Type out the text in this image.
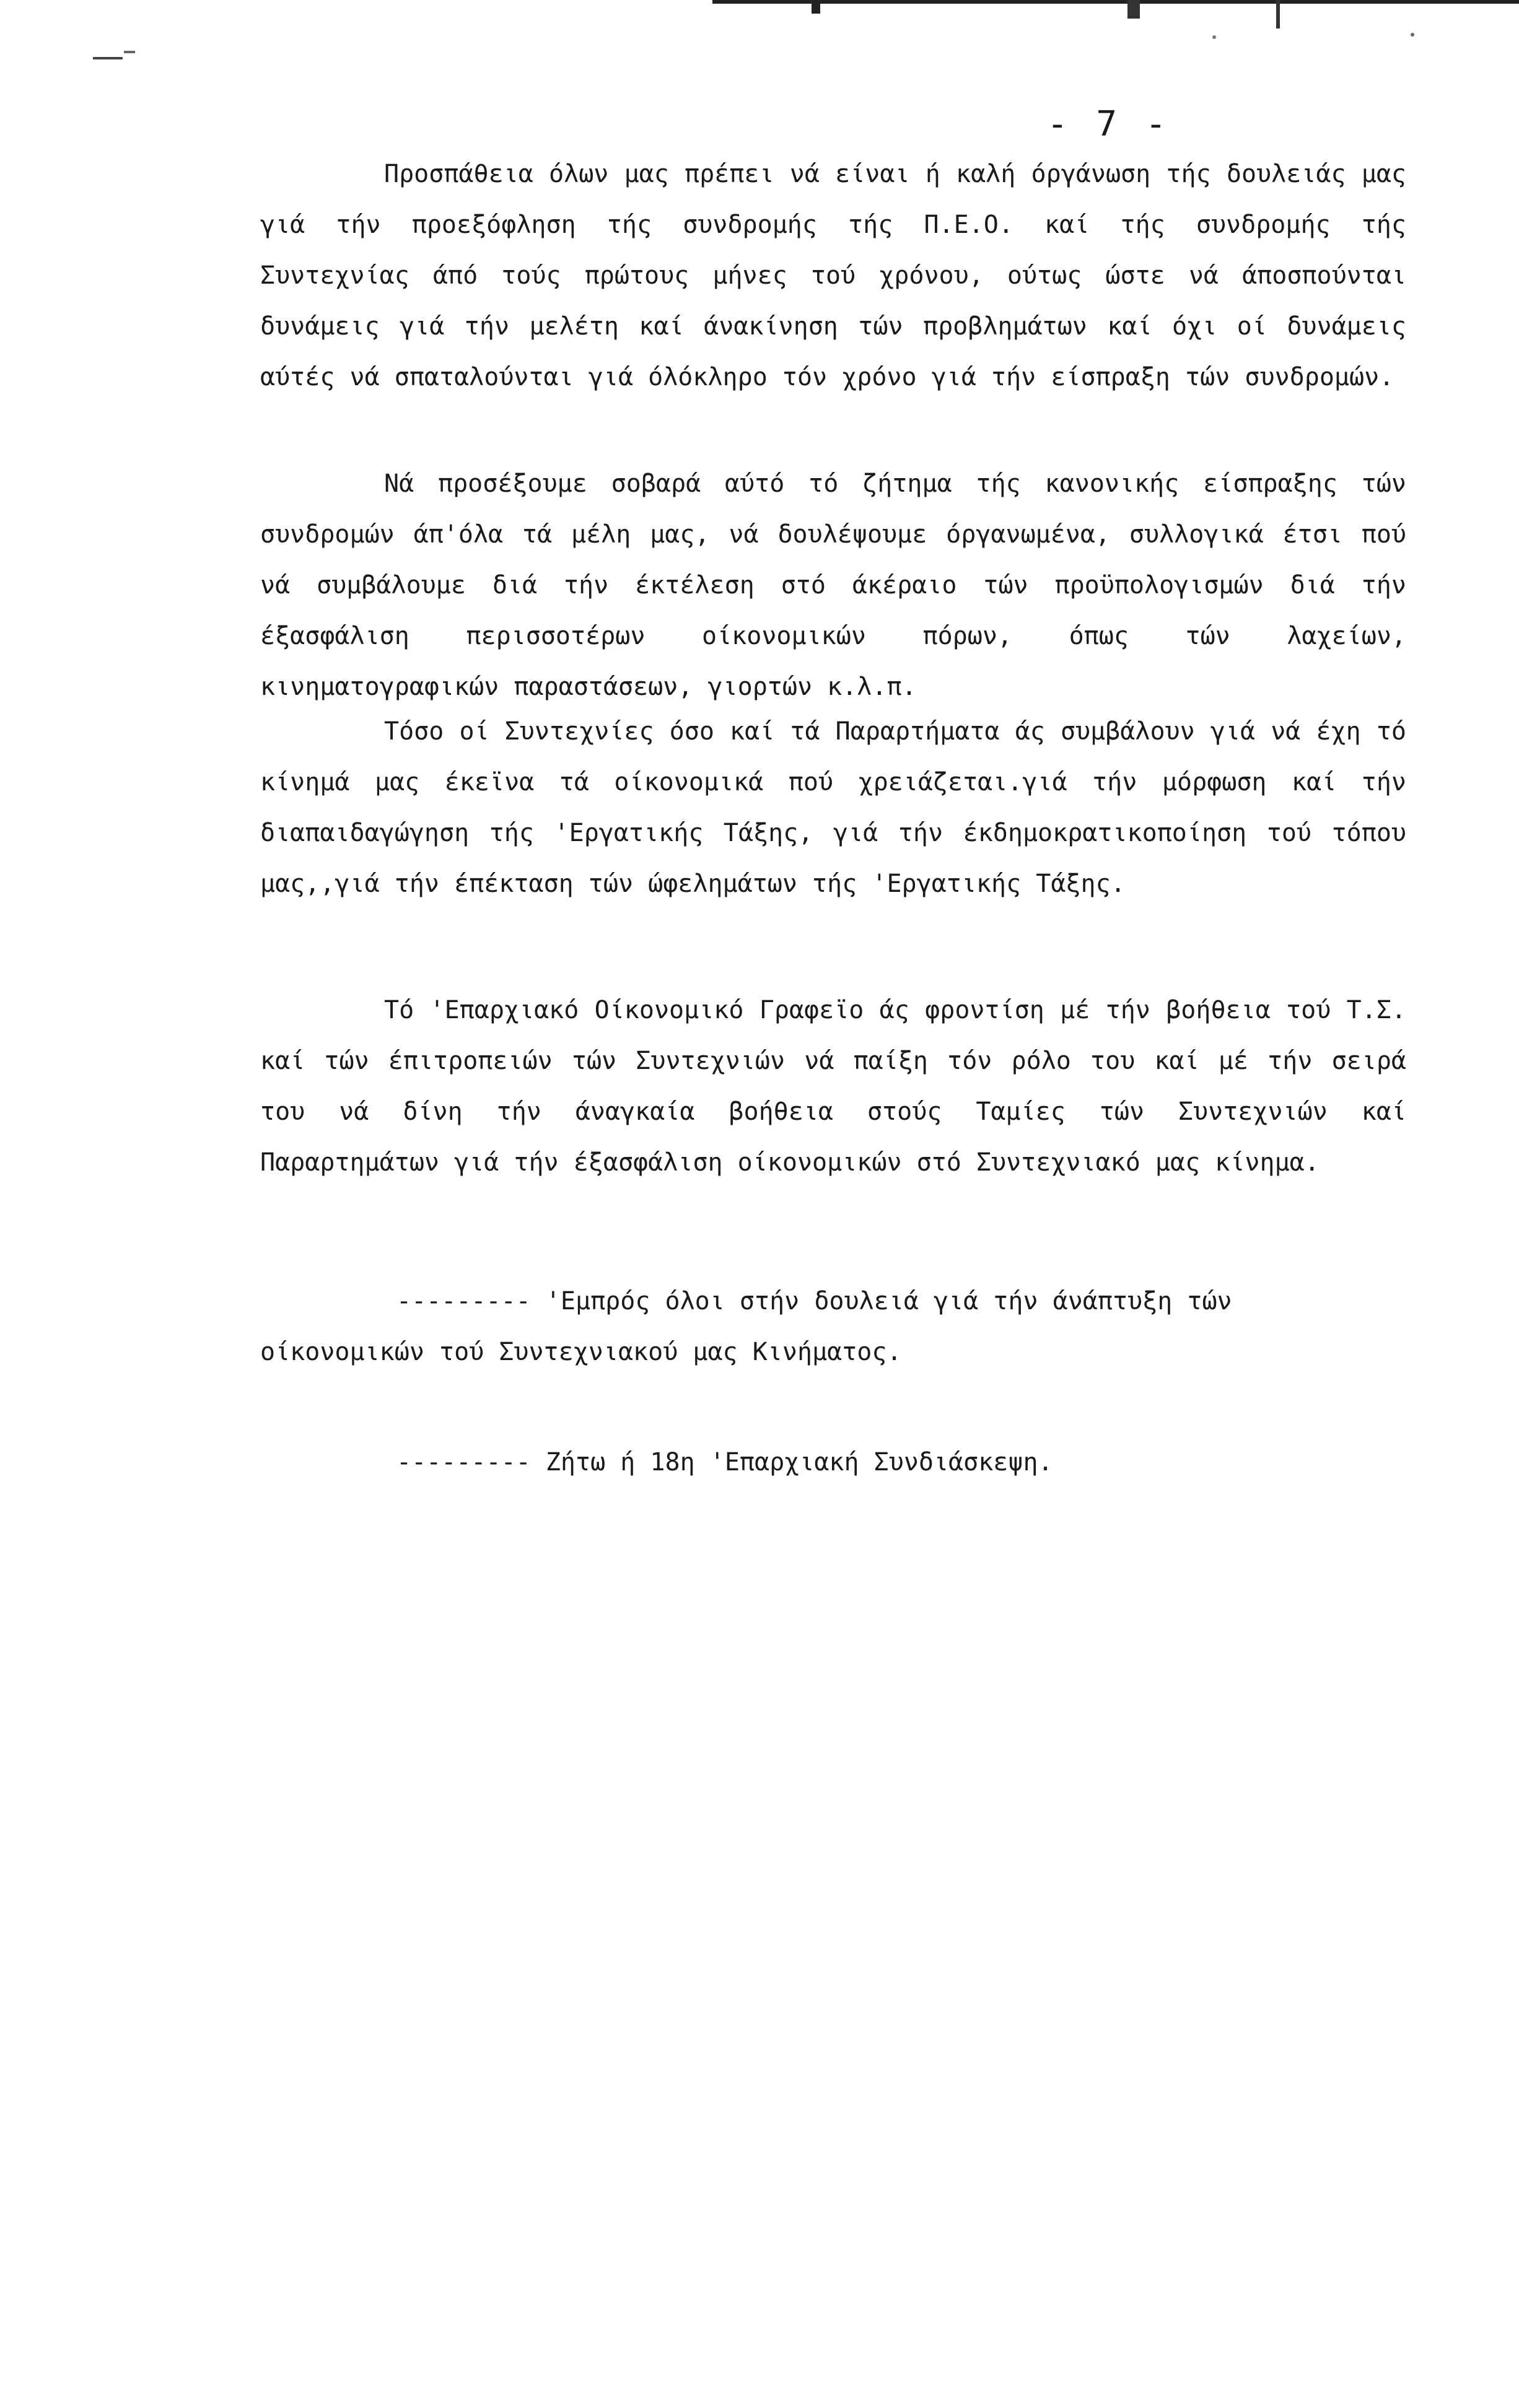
- 7 -

Προσπάθεια όλων μας πρέπει νά είναι ή καλή όργάνωση τής δουλειάς μας γιά τήν προεξόφληση τής συνδρομής τής Π.Ε.Ο. καί τής συνδρομής τής Συντεχνίας άπό τούς πρώτους μήνες τού χρόνου, ούτως ώστε νά άποσπούνται δυνάμεις γιά τήν μελέτη καί άνακίνηση τών προβλημάτων καί όχι οί δυνάμεις αύτές νά σπαταλούνται γιά όλόκληρο τόν χρόνο γιά τήν είσπραξη τών συνδρομών.

Νά προσέξουμε σοβαρά αύτό τό ζήτημα τής κανονικής είσπραξης τών συνδρομών άπ'όλα τά μέλη μας, νά δουλέψουμε όργανωμένα, συλλογικά έτσι πού νά συμβάλουμε διά τήν έκτέλεση στό άκέραιο τών προϋπολογισμών διά τήν έξασφάλιση περισσοτέρων οίκονομικών πόρων, όπως τών λαχείων, κινηματογραφικών παραστάσεων, γιορτών κ.λ.π.

Τόσο οί Συντεχνίες όσο καί τά Παραρτήματα άς συμβάλουν γιά νά έχη τό κίνημά μας έκεϊνα τά οίκονομικά πού χρειάζεται.γιά τήν μόρφωση καί τήν διαπαιδαγώγηση τής 'Εργατικής Τάξης, γιά τήν έκδημοκρατικοποίηση τού τόπου μας,,γιά τήν έπέκταση τών ώφελημάτων τής 'Εργατικής Τάξης.

Τό 'Επαρχιακό Οίκονομικό Γραφεϊο άς φροντίση μέ τήν βοήθεια τού Τ.Σ. καί τών έπιτροπειών τών Συντεχνιών νά παίξη τόν ρόλο του καί μέ τήν σειρά του νά δίνη τήν άναγκαία βοήθεια στούς Ταμίες τών Συντεχνιών καί Παραρτημάτων γιά τήν έξασφάλιση οίκονομικών στό Συντεχνιακό μας κίνημα.

--------- 'Εμπρός όλοι στήν δουλειά γιά τήν άνάπτυξη τών οίκονομικών τού Συντεχνιακού μας Κινήματος.

--------- Ζήτω ή 18η 'Επαρχιακή Συνδιάσκεψη.
